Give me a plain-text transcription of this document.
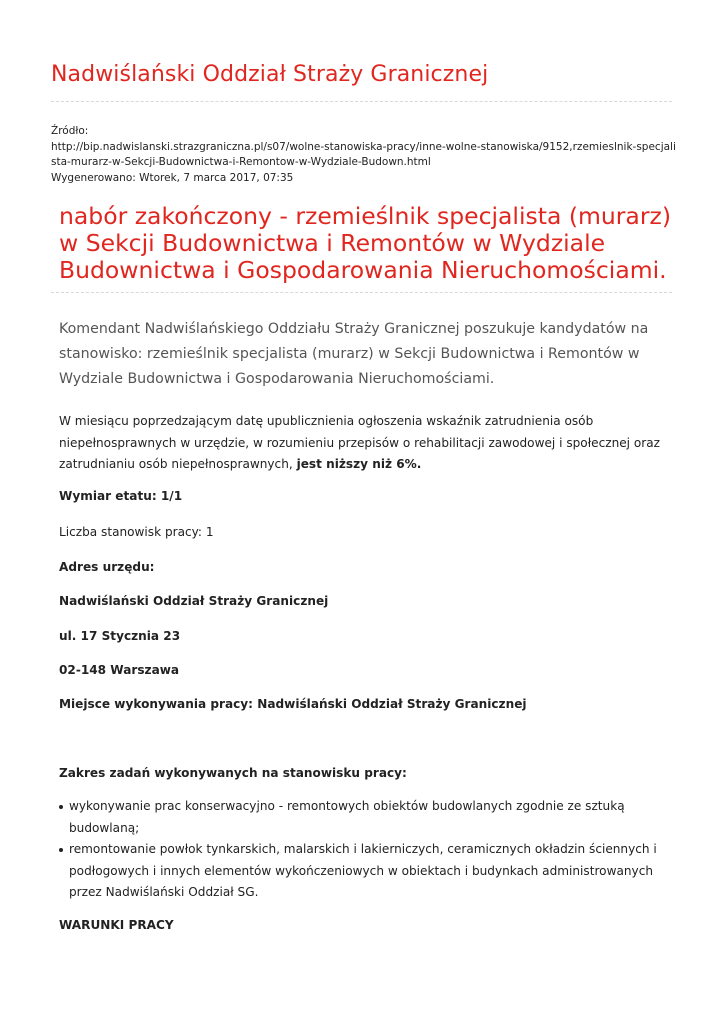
Nadwiślański Oddział Straży Granicznej
Źródło:
http://bip.nadwislanski.strazgraniczna.pl/s07/wolne-stanowiska-pracy/inne-wolne-stanowiska/9152,rzemieslnik-specjali
sta-murarz-w-Sekcji-Budownictwa-i-Remontow-w-Wydziale-Budown.html
Wygenerowano: Wtorek, 7 marca 2017, 07:35
nabór zakończony - rzemieślnik specjalista (murarz) w Sekcji Budownictwa i Remontów w Wydziale Budownictwa i Gospodarowania Nieruchomościami.
Komendant Nadwiślańskiego Oddziału Straży Granicznej poszukuje kandydatów na stanowisko: rzemieślnik specjalista (murarz) w Sekcji Budownictwa i Remontów w Wydziale Budownictwa i Gospodarowania Nieruchomościami.
W miesiącu poprzedzającym datę upublicznienia ogłoszenia wskaźnik zatrudnienia osób niepełnosprawnych w urzędzie, w rozumieniu przepisów o rehabilitacji zawodowej i społecznej oraz zatrudnianiu osób niepełnosprawnych, jest niższy niż 6%.
Wymiar etatu: 1/1
Liczba stanowisk pracy: 1
Adres urzędu:
Nadwiślański Oddział Straży Granicznej
ul. 17 Stycznia 23
02-148 Warszawa
Miejsce wykonywania pracy: Nadwiślański Oddział Straży Granicznej
Zakres zadań wykonywanych na stanowisku pracy:
wykonywanie prac konserwacyjno - remontowych obiektów budowlanych zgodnie ze sztuką budowlaną;
remontowanie powłok tynkarskich, malarskich i lakierniczych, ceramicznych okładzin ściennych i podłogowych i innych elementów wykończeniowych w obiektach i budynkach administrowanych przez Nadwiślański Oddział SG.
WARUNKI PRACY
